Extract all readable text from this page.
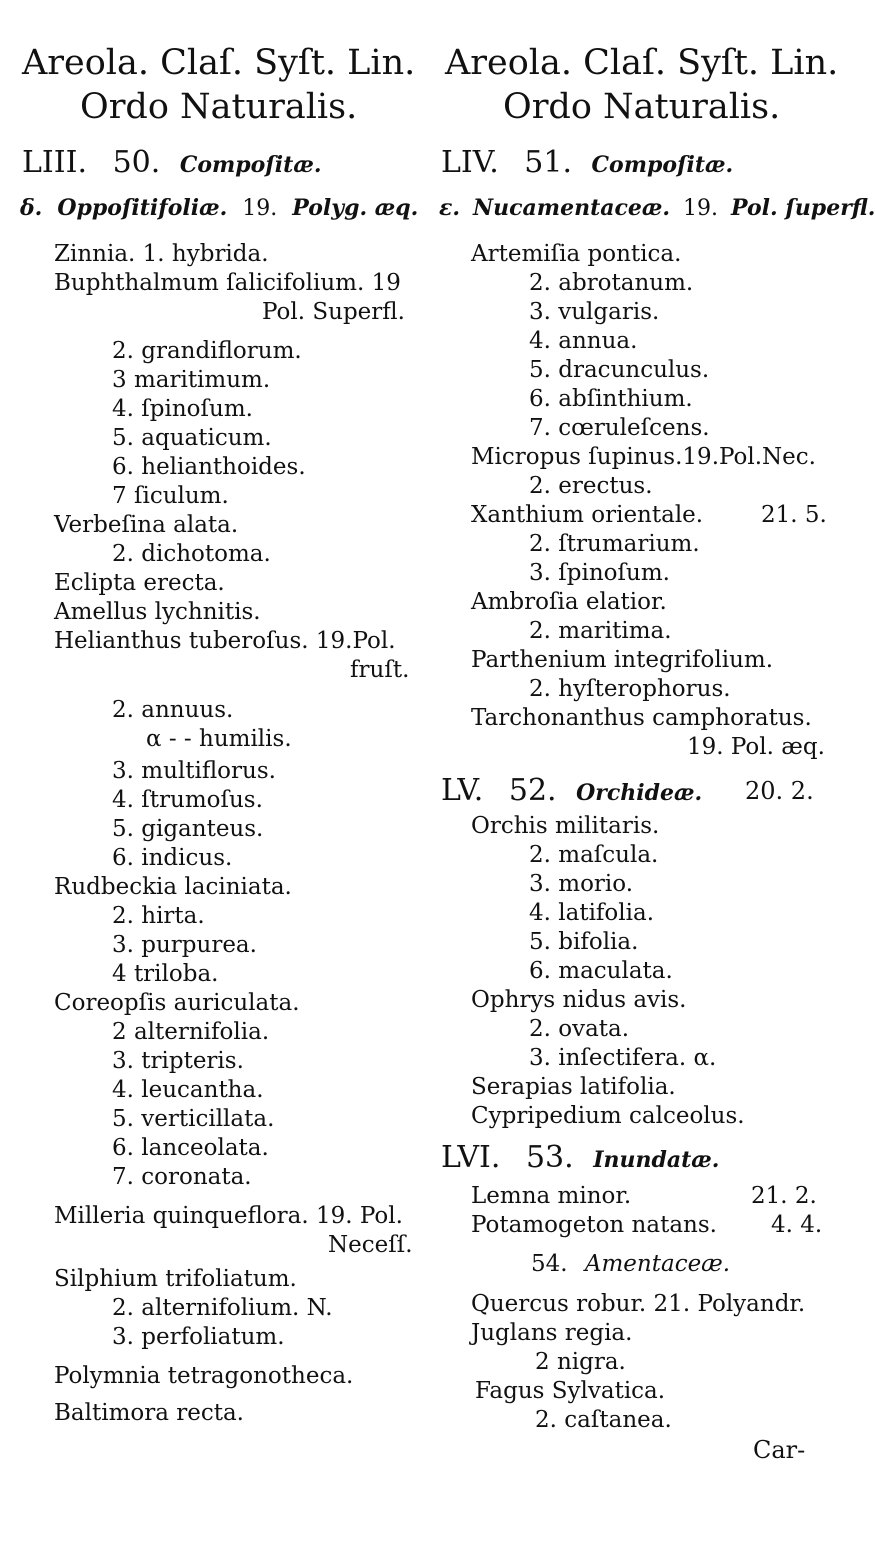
Areola. Claſ. Syſt. Lin.
Ordo Naturalis.
LIII. 50. Compoſitæ.
δ. Oppoſitifoliæ. 19. Polyg. æq.
Zinnia. 1. hybrida.
Buphthalmum ſalicifolium. 19
Pol. Superfl.
2. grandiflorum.
3 maritimum.
4. ſpinoſum.
5. aquaticum.
6. helianthoides.
7 ſiculum.
Verbeſina alata.
2. dichotoma.
Eclipta erecta.
Amellus lychnitis.
Helianthus tuberoſus. 19.Pol.
fruſt.
2. annuus.
α - - humilis.
3. multiflorus.
4. ſtrumoſus.
5. giganteus.
6. indicus.
Rudbeckia laciniata.
2. hirta.
3. purpurea.
4 triloba.
Coreopſis auriculata.
2 alternifolia.
3. tripteris.
4. leucantha.
5. verticillata.
6. lanceolata.
7. coronata.
Milleria quinqueflora. 19. Pol.
Neceſſ.
Silphium trifoliatum.
2. alternifolium. N.
3. perfoliatum.
Polymnia tetragonotheca.
Baltimora recta.
Areola. Claſ. Syſt. Lin.
Ordo Naturalis.
LIV. 51. Compoſitæ.
ε. Nucamentaceæ. 19. Pol. ſuperfl.
Artemiſia pontica.
2. abrotanum.
3. vulgaris.
4. annua.
5. dracunculus.
6. abſinthium.
7. cœruleſcens.
Micropus ſupinus.19.Pol.Nec.
2. erectus.
Xanthium orientale.	21. 5.
2. ſtrumarium.
3. ſpinoſum.
Ambroſia elatior.
2. maritima.
Parthenium integrifolium.
2. hyſterophorus.
Tarchonanthus camphoratus.
19. Pol. æq.
LV. 52. Orchideæ. 20. 2.
Orchis militaris.
2. maſcula.
3. morio.
4. latifolia.
5. bifolia.
6. maculata.
Ophrys nidus avis.
2. ovata.
3. inſectifera. α.
Serapias latifolia.
Cypripedium calceolus.
LVI. 53. Inundatæ.
Lemna minor.	21. 2.
Potamogeton natans. 4. 4.
54. Amentaceæ.
Quercus robur. 21. Polyandr.
Juglans regia.
2 nigra.
Fagus Sylvatica.
2. caſtanea.
Car-
